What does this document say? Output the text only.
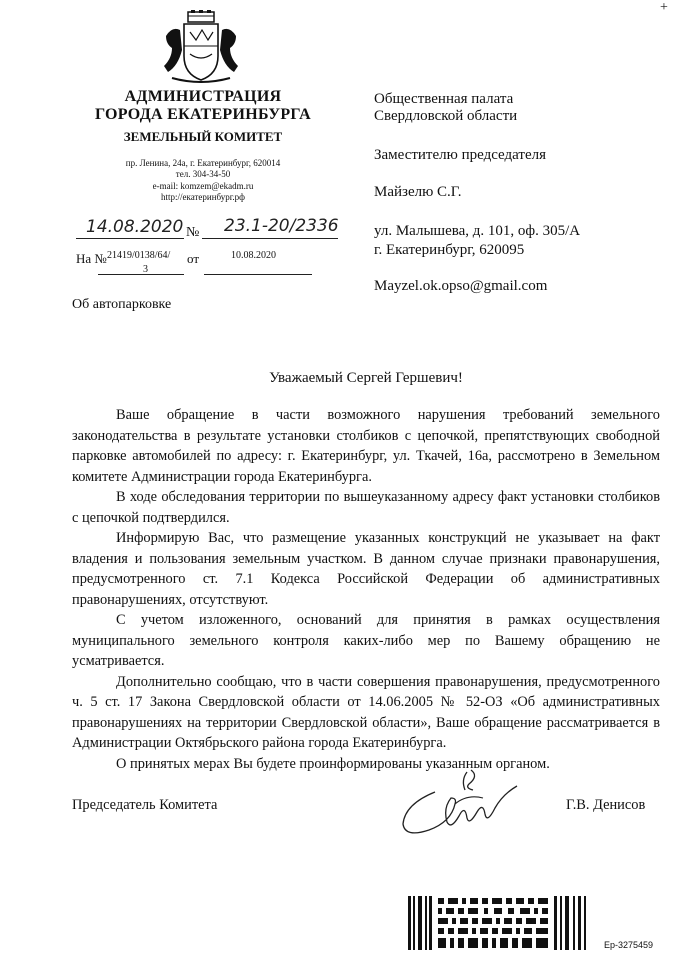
+
АДМИНИСТРАЦИЯ
ГОРОДА ЕКАТЕРИНБУРГА
ЗЕМЕЛЬНЫЙ КОМИТЕТ
пр. Ленина, 24а, г. Екатеринбург, 620014
тел. 304-34-50
e-mail: komzem@ekadm.ru
http://екатеринбург.рф
14.08.2020 № 23.1-20/2336
На № 21419/0138/64/
3
от	10.08.2020
Общественная палата
Свердловской области
Заместителю председателя
Майзелю С.Г.
ул. Малышева, д. 101, оф. 305/А
г. Екатеринбург, 620095
Mayzel.ok.opso@gmail.com
Об автопарковке
Уважаемый Сергей Гершевич!

Ваше обращение в части возможного нарушения требований земельного законодательства в результате установки столбиков с цепочкой, препятствующих свободной парковке автомобилей по адресу: г. Екатеринбург, ул. Ткачей, 16а, рассмотрено в Земельном комитете Администрации города Екатеринбурга.

В ходе обследования территории по вышеуказанному адресу факт установки столбиков с цепочкой подтвердился.

Информирую Вас, что размещение указанных конструкций не указывает на факт владения и пользования земельным участком. В данном случае признаки правонарушения, предусмотренного ст. 7.1 Кодекса Российской Федерации об административных правонарушениях, отсутствуют.

С учетом изложенного, оснований для принятия в рамках осуществления муниципального земельного контроля каких-либо мер по Вашему обращению не усматривается.

Дополнительно сообщаю, что в части совершения правонарушения, предусмотренного ч. 5 ст. 17 Закона Свердловской области от 14.06.2005 № 52-ОЗ «Об административных правонарушениях на территории Свердловской области», Ваше обращение рассматривается в Администрации Октябрьского района города Екатеринбурга.

О принятых мерах Вы будете проинформированы указанным органом.

Председатель Комитета	Г.В. Денисов
Ер-3275459
